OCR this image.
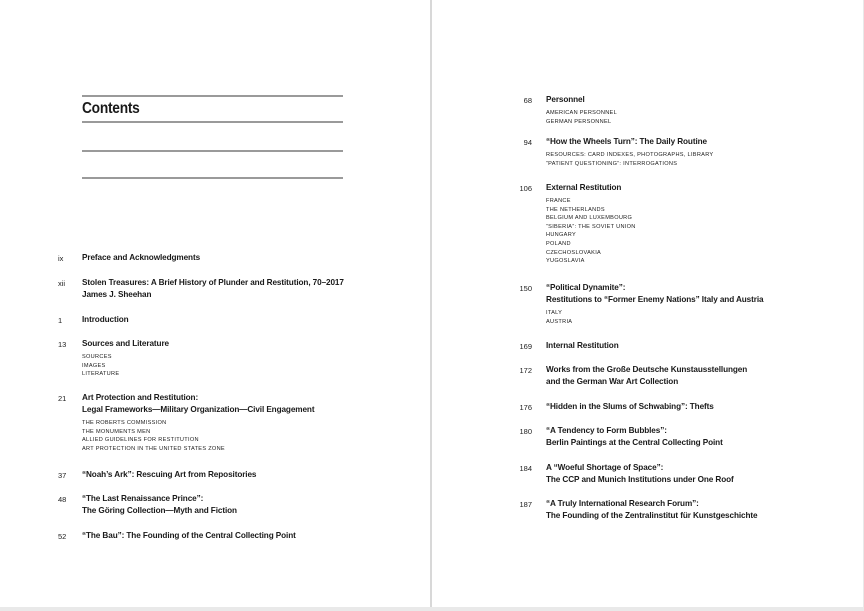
Contents
ix	Preface and Acknowledgments
xii	Stolen Treasures: A Brief History of Plunder and Restitution, 70–2017
James J. Sheehan
1	Introduction
13	Sources and Literature
SOURCES
IMAGES
LITERATURE
21	Art Protection and Restitution:
Legal Frameworks—Military Organization—Civil Engagement
THE ROBERTS COMMISSION
THE MONUMENTS MEN
ALLIED GUIDELINES FOR RESTITUTION
ART PROTECTION IN THE UNITED STATES ZONE
37	“Noah’s Ark”: Rescuing Art from Repositories
48	“The Last Renaissance Prince”:
The Göring Collection—Myth and Fiction
52	“The Bau”: The Founding of the Central Collecting Point
68 Personnel
AMERICAN PERSONNEL
GERMAN PERSONNEL
94 “How the Wheels Turn”: The Daily Routine
RESOURCES: CARD INDEXES, PHOTOGRAPHS, LIBRARY
“PATIENT QUESTIONING”: INTERROGATIONS
106 External Restitution
FRANCE
THE NETHERLANDS
BELGIUM AND LUXEMBOURG
“SIBERIA”: THE SOVIET UNION
HUNGARY
POLAND
CZECHOSLOVAKIA
YUGOSLAVIA
150 “Political Dynamite”:
Restitutions to “Former Enemy Nations” Italy and Austria
ITALY
AUSTRIA
169 Internal Restitution
172 Works from the Große Deutsche Kunstausstellungen
and the German War Art Collection
176 “Hidden in the Slums of Schwabing”: Thefts
180 “A Tendency to Form Bubbles”:
Berlin Paintings at the Central Collecting Point
184 A “Woeful Shortage of Space”:
The CCP and Munich Institutions under One Roof
187 “A Truly International Research Forum”:
The Founding of the Zentralinstitut für Kunstgeschichte
